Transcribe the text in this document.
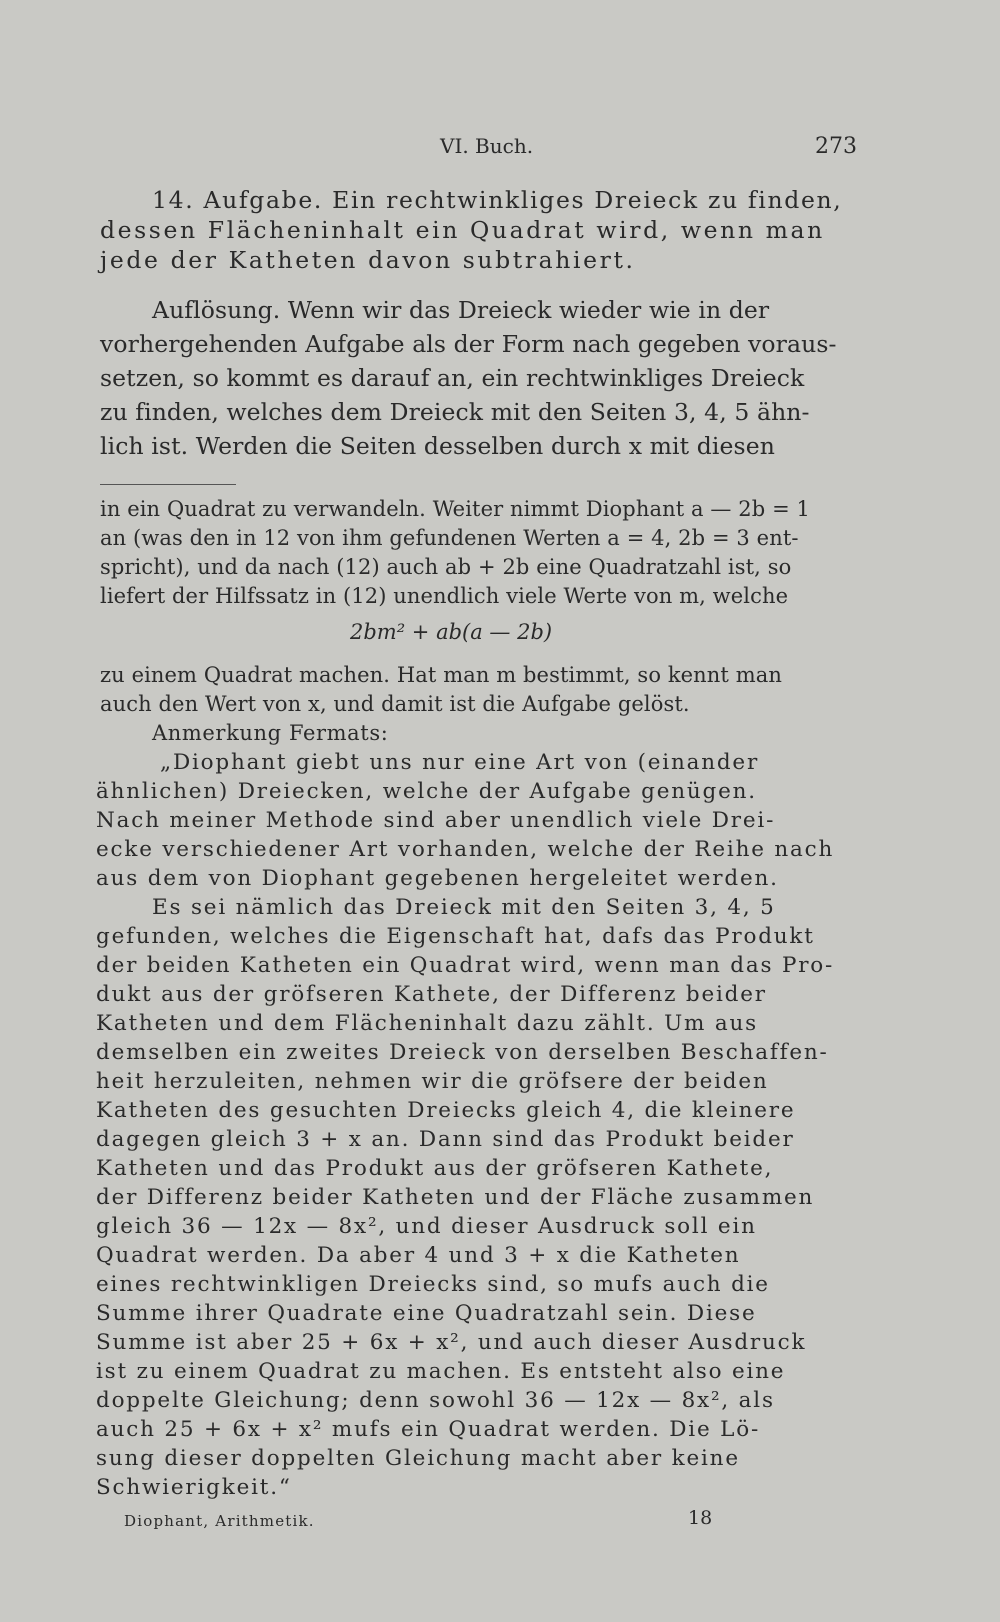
VI. Buch.	273
14. Aufgabe. Ein rechtwinkliges Dreieck zu finden,
dessen Flächeninhalt ein Quadrat wird, wenn man
jede der Katheten davon subtrahiert.
Auflösung. Wenn wir das Dreieck wieder wie in der
vorhergehenden Aufgabe als der Form nach gegeben voraus-
setzen, so kommt es darauf an, ein rechtwinkliges Dreieck
zu finden, welches dem Dreieck mit den Seiten 3, 4, 5 ähn-
lich ist. Werden die Seiten desselben durch x mit diesen
in ein Quadrat zu verwandeln. Weiter nimmt Diophant a — 2b = 1
an (was den in 12 von ihm gefundenen Werten a = 4, 2b = 3 ent-
spricht), und da nach (12) auch ab + 2b eine Quadratzahl ist, so
liefert der Hilfssatz in (12) unendlich viele Werte von m, welche
2bm² + ab(a — 2b)
zu einem Quadrat machen. Hat man m bestimmt, so kennt man
auch den Wert von x, und damit ist die Aufgabe gelöst.
Anmerkung Fermats:
„Diophant giebt uns nur eine Art von (einander
ähnlichen) Dreiecken, welche der Aufgabe genügen.
Nach meiner Methode sind aber unendlich viele Drei-
ecke verschiedener Art vorhanden, welche der Reihe nach
aus dem von Diophant gegebenen hergeleitet werden.
Es sei nämlich das Dreieck mit den Seiten 3, 4, 5
gefunden, welches die Eigenschaft hat, dafs das Produkt
der beiden Katheten ein Quadrat wird, wenn man das Pro-
dukt aus der gröfseren Kathete, der Differenz beider
Katheten und dem Flächeninhalt dazu zählt. Um aus
demselben ein zweites Dreieck von derselben Beschaffen-
heit herzuleiten, nehmen wir die gröfsere der beiden
Katheten des gesuchten Dreiecks gleich 4, die kleinere
dagegen gleich 3 + x an. Dann sind das Produkt beider
Katheten und das Produkt aus der gröfseren Kathete,
der Differenz beider Katheten und der Fläche zusammen
gleich 36 — 12x — 8x², und dieser Ausdruck soll ein
Quadrat werden. Da aber 4 und 3 + x die Katheten
eines rechtwinkligen Dreiecks sind, so mufs auch die
Summe ihrer Quadrate eine Quadratzahl sein. Diese
Summe ist aber 25 + 6x + x², und auch dieser Ausdruck
ist zu einem Quadrat zu machen. Es entsteht also eine
doppelte Gleichung; denn sowohl 36 — 12x — 8x², als
auch 25 + 6x + x² mufs ein Quadrat werden. Die Lö-
sung dieser doppelten Gleichung macht aber keine
Schwierigkeit.“
Diophant, Arithmetik.	18
